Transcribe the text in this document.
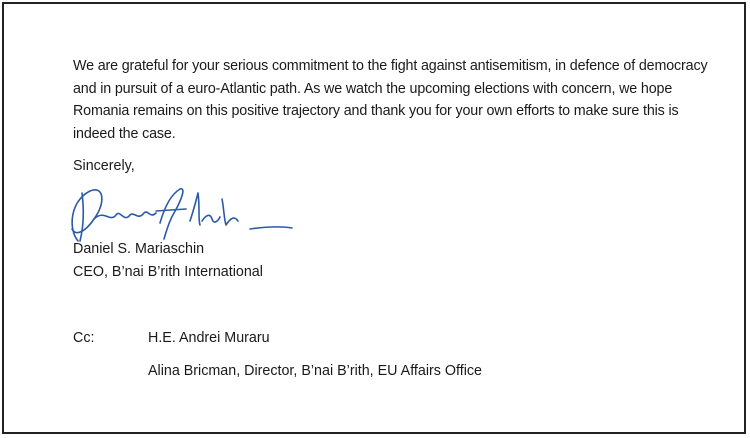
We are grateful for your serious commitment to the fight against antisemitism, in defence of democracy
and in pursuit of a euro-Atlantic path. As we watch the upcoming elections with concern, we hope
Romania remains on this positive trajectory and thank you for your own efforts to make sure this is
indeed the case.
Sincerely,
Daniel S. Mariaschin
CEO, B’nai B’rith International
Cc:	H.E. Andrei Muraru
Alina Bricman, Director, B’nai B’rith, EU Affairs Office
